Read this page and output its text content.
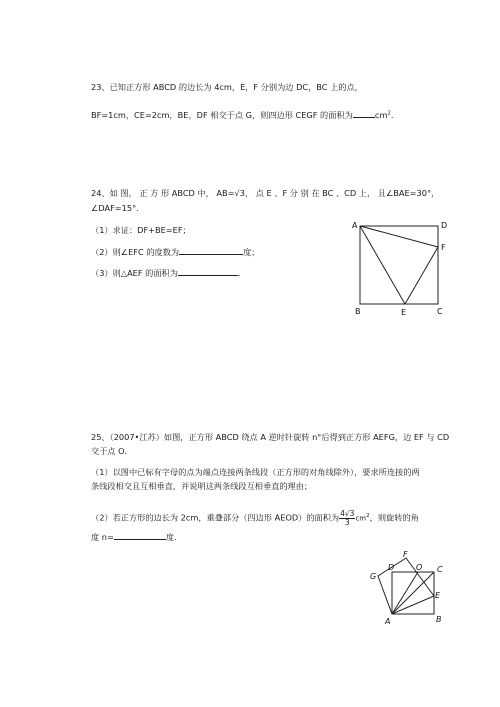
23、已知正方形 ABCD 的边长为 4cm，E，F 分别为边 DC，BC 上的点，
BF=1cm，CE=2cm，BE，DF 相交于点 G，则四边形 CEGF 的面积为	$cm^2$.
24、如 图， 正 方 形 ABCD 中， AB=√3， 点 E 、F 分 别 在 BC 、CD 上， 且∠BAE=30°，
∠DAF=15°．
（1）求证：DF+BE=EF；
（2）则∠EFC 的度数为	度；
（3）则△AEF 的面积为	.
A	D
F
B	E	C
25、（2007•江苏）如图，正方形 ABCD 绕点 A 逆时针旋转 n°后得到正方形 AEFG，边 EF 与 CD
交于点 O.
（1）以图中已标有字母的点为端点连接两条线段（正方形的对角线除外），要求所连接的两
条线段相交且互相垂直，并说明这两条线段互相垂直的理由；
（2）若正方形的边长为 2cm，重叠部分（四边形 AEOD）的面积为 $\frac{4√3}{3} cm^2$，则旋转的角
度 n=	度.
F
G
O C
E
A	B
D
